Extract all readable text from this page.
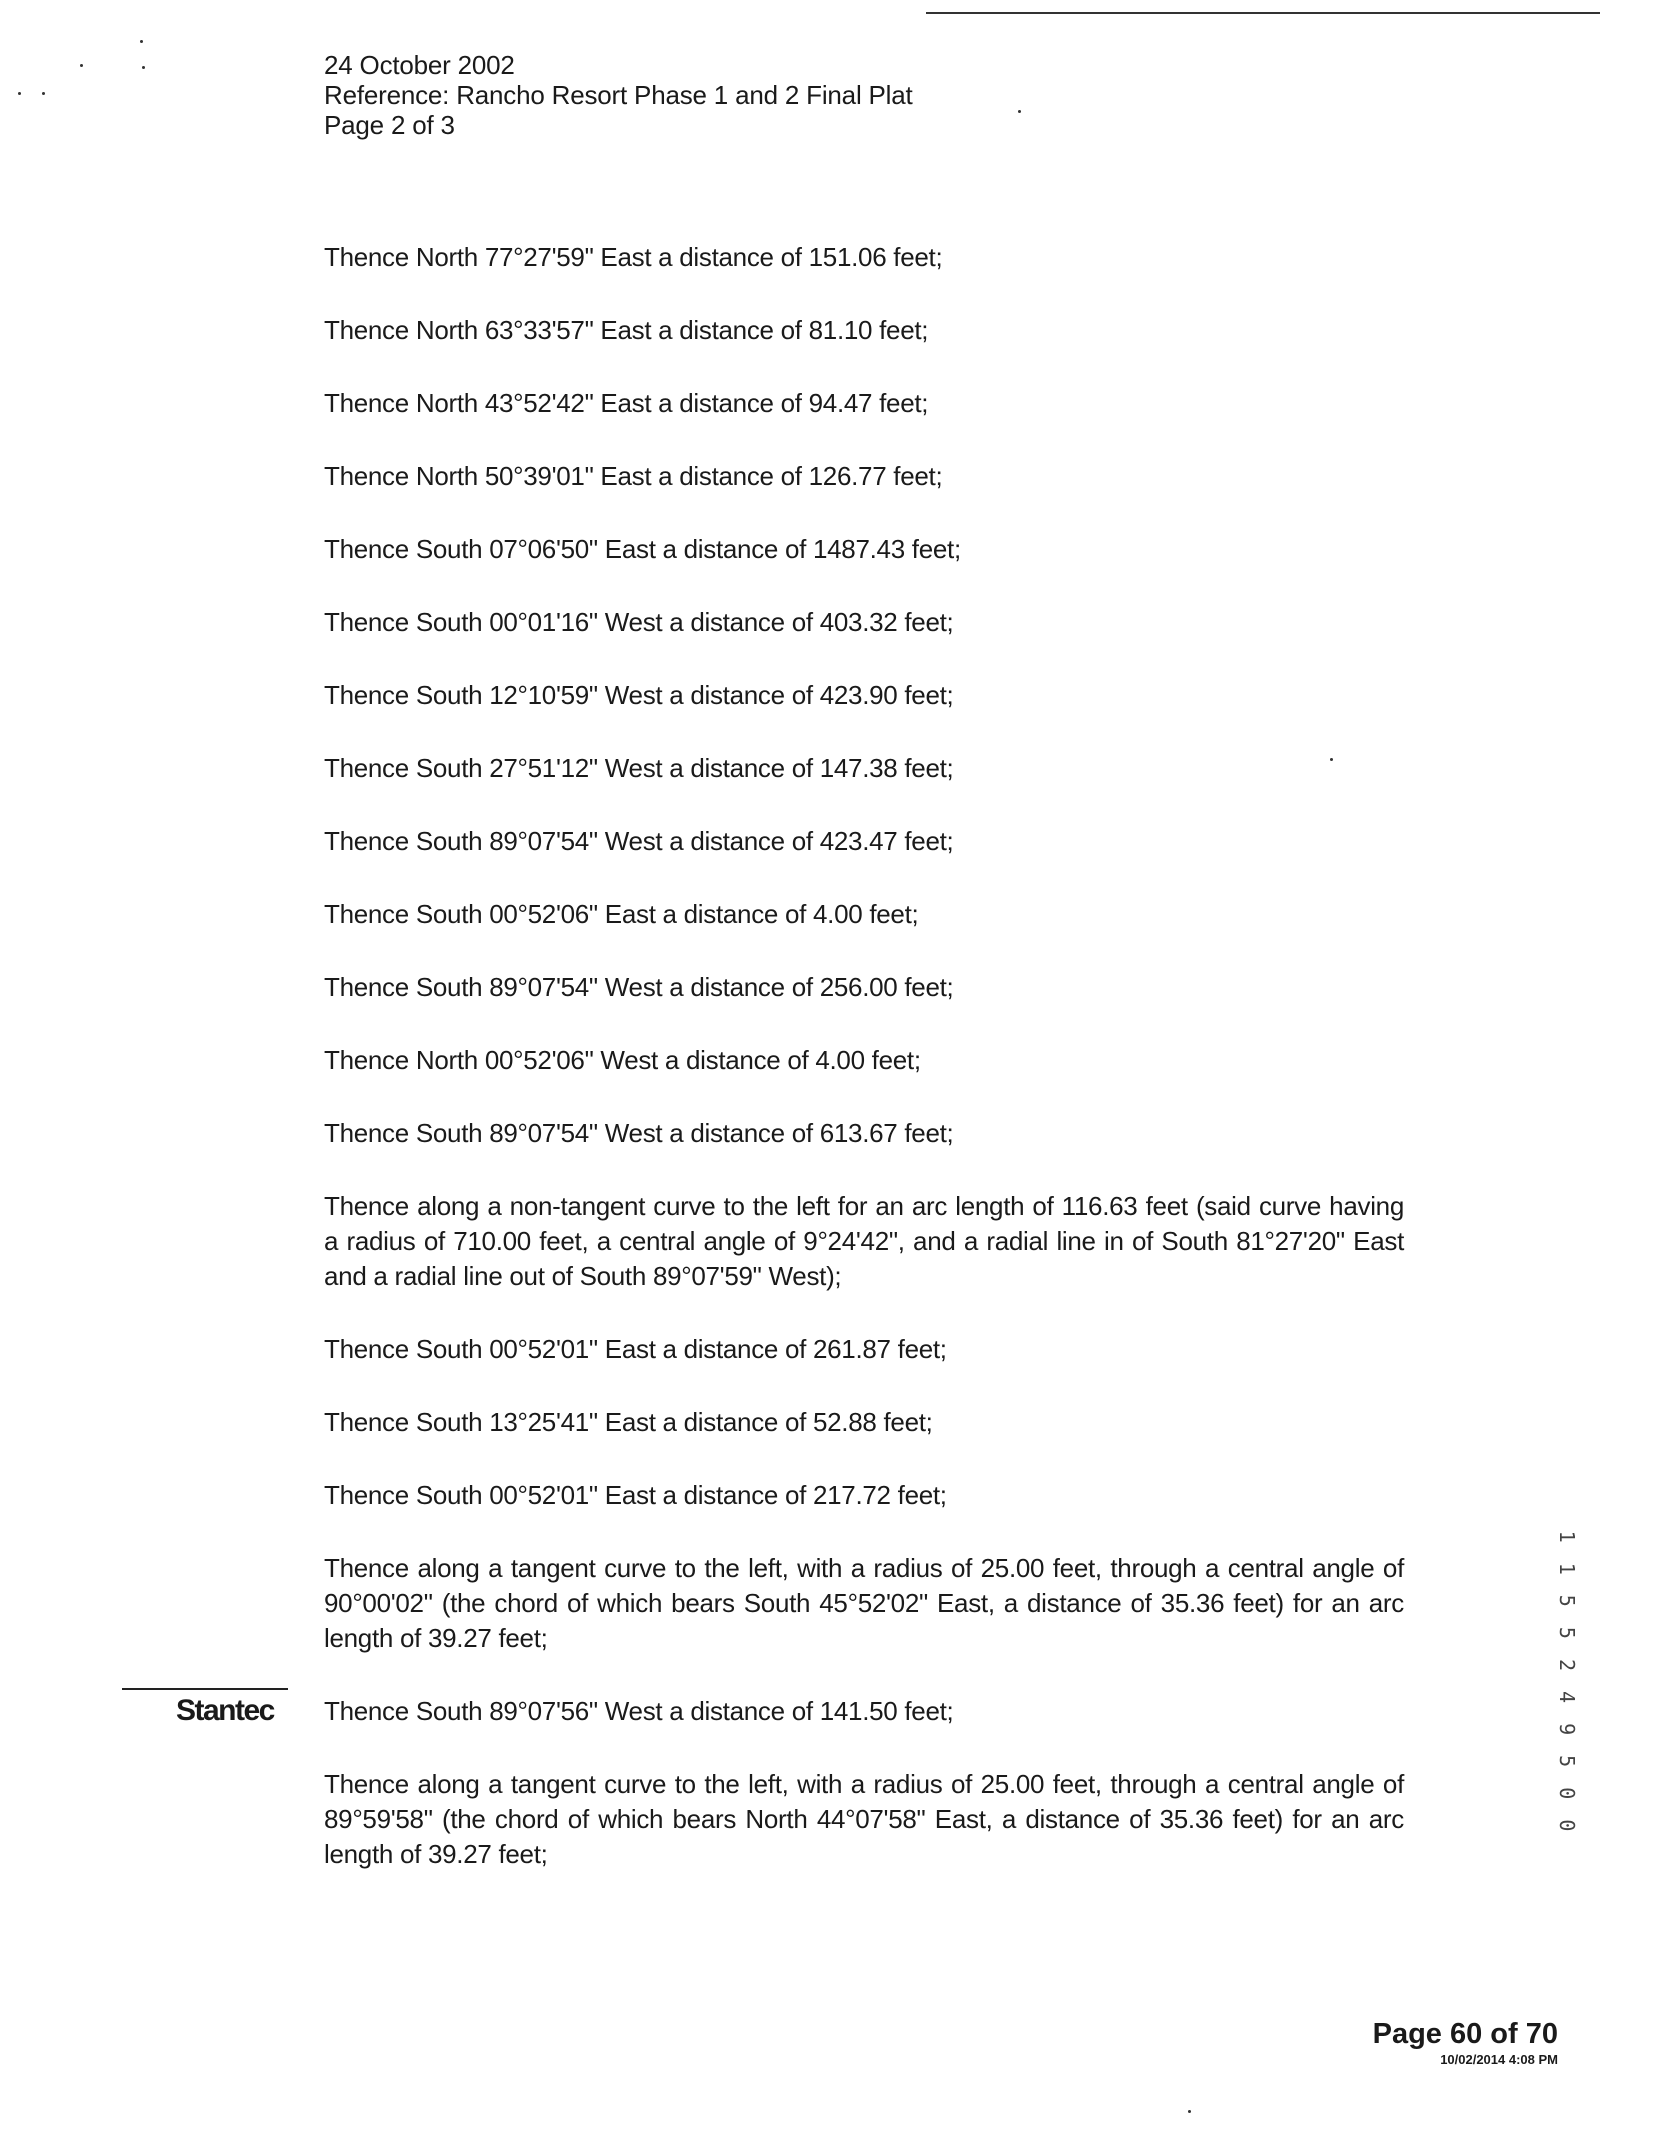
24 October 2002
Reference: Rancho Resort Phase 1 and 2 Final Plat
Page 2 of 3

Thence North 77°27'59" East a distance of 151.06 feet;

Thence North 63°33'57" East a distance of 81.10 feet;

Thence North 43°52'42" East a distance of 94.47 feet;

Thence North 50°39'01" East a distance of 126.77 feet;

Thence South 07°06'50" East a distance of 1487.43 feet;

Thence South 00°01'16" West a distance of 403.32 feet;

Thence South 12°10'59" West a distance of 423.90 feet;

Thence South 27°51'12" West a distance of 147.38 feet;

Thence South 89°07'54" West a distance of 423.47 feet;

Thence South 00°52'06" East a distance of 4.00 feet;

Thence South 89°07'54" West a distance of 256.00 feet;

Thence North 00°52'06" West a distance of 4.00 feet;

Thence South 89°07'54" West a distance of 613.67 feet;

Thence along a non-tangent curve to the left for an arc length of 116.63 feet (said curve having a radius of 710.00 feet, a central angle of 9°24'42", and a radial line in of South 81°27'20" East and a radial line out of South 89°07'59" West);

Thence South 00°52'01" East a distance of 261.87 feet;

Thence South 13°25'41" East a distance of 52.88 feet;

Thence South 00°52'01" East a distance of 217.72 feet;

Thence along a tangent curve to the left, with a radius of 25.00 feet, through a central angle of 90°00'02" (the chord of which bears South 45°52'02" East, a distance of 35.36 feet) for an arc length of 39.27 feet;

Thence South 89°07'56" West a distance of 141.50 feet;

Thence along a tangent curve to the left, with a radius of 25.00 feet, through a central angle of 89°59'58" (the chord of which bears North 44°07'58" East, a distance of 35.36 feet) for an arc length of 39.27 feet;

Stantec	1 1 5 5 2 4 9 5 0 0
Page 60 of 70
10/02/2014 4:08 PM
